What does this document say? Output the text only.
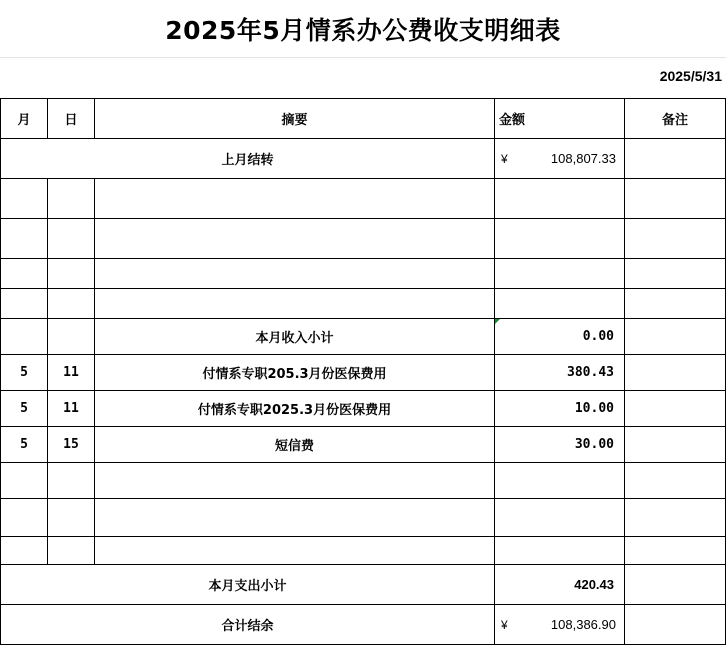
2025年5月情系办公费收支明细表
2025/5/31
月	日	摘要	金额	备注
上月结转			¥ 108,807.33	

		本月收入小计	0.00	
5	11	付情系专职205.3月份医保费用	380.43	
5	11	付情系专职2025.3月份医保费用	10.00	
5	15	短信费	30.00	

本月支出小计			420.43	
合计结余			¥ 108,386.90	
